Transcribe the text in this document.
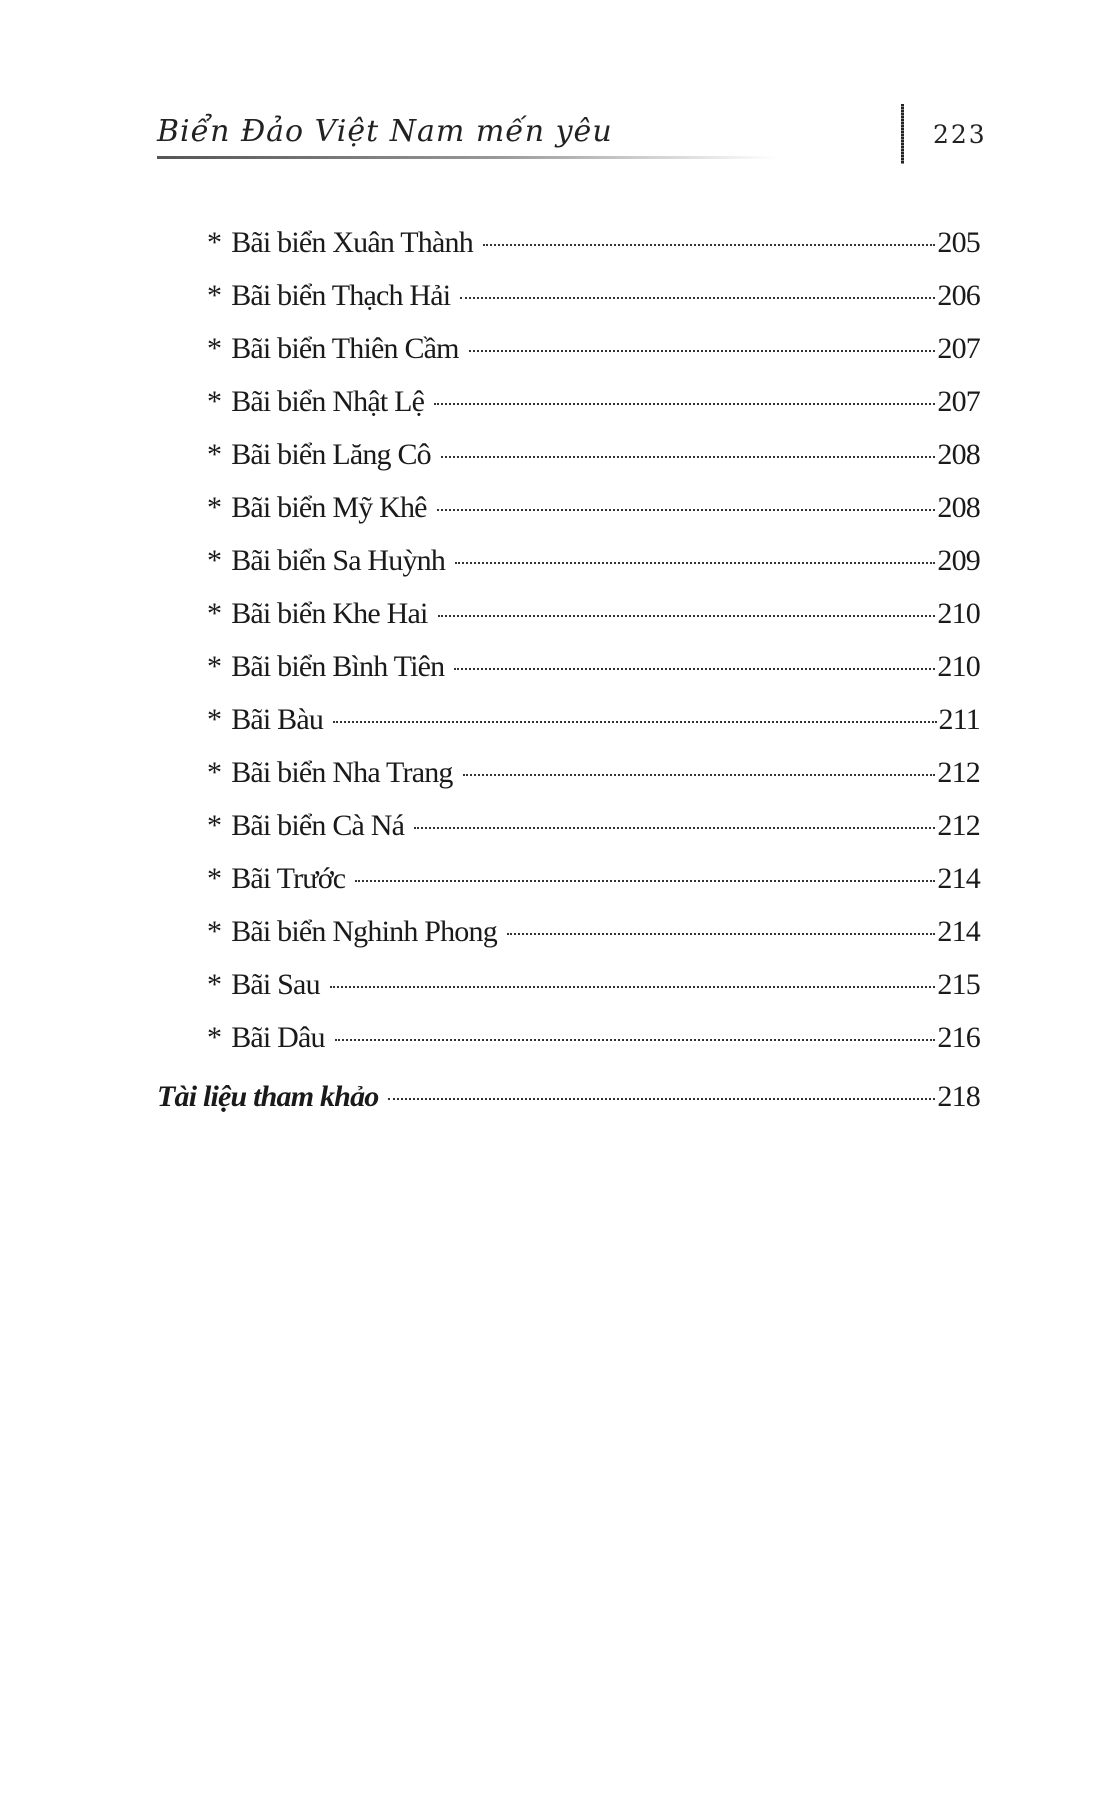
Biển Đảo Việt Nam mến yêu	223
* Bãi biển Xuân Thành	205
* Bãi biển Thạch Hải	206
* Bãi biển Thiên Cầm	207
* Bãi biển Nhật Lệ	207
* Bãi biển Lăng Cô	208
* Bãi biển Mỹ Khê	208
* Bãi biển Sa Huỳnh	209
* Bãi biển Khe Hai	210
* Bãi biển Bình Tiên	210
* Bãi Bàu	211
* Bãi biển Nha Trang	212
* Bãi biển Cà Ná	212
* Bãi Trước	214
* Bãi biển Nghinh Phong	214
* Bãi Sau	215
* Bãi Dâu	216
Tài liệu tham khảo	218
